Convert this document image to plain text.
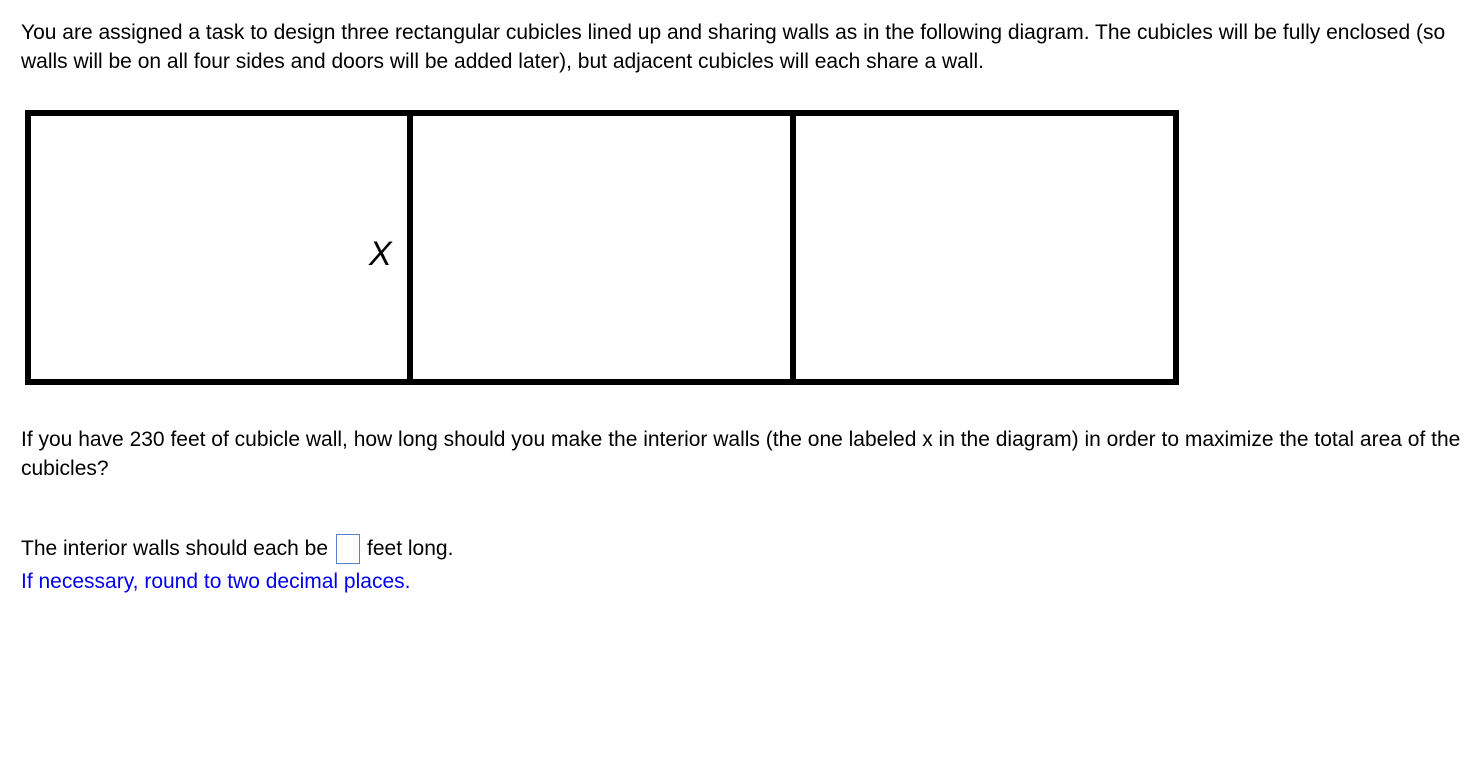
You are assigned a task to design three rectangular cubicles lined up and sharing walls as in the following diagram. The cubicles will be fully enclosed (so walls will be on all four sides and doors will be added later), but adjacent cubicles will each share a wall.

X

If you have 230 feet of cubicle wall, how long should you make the interior walls (the one labeled x in the diagram) in order to maximize the total area of the cubicles?

The interior walls should each be feet long.
If necessary, round to two decimal places.
